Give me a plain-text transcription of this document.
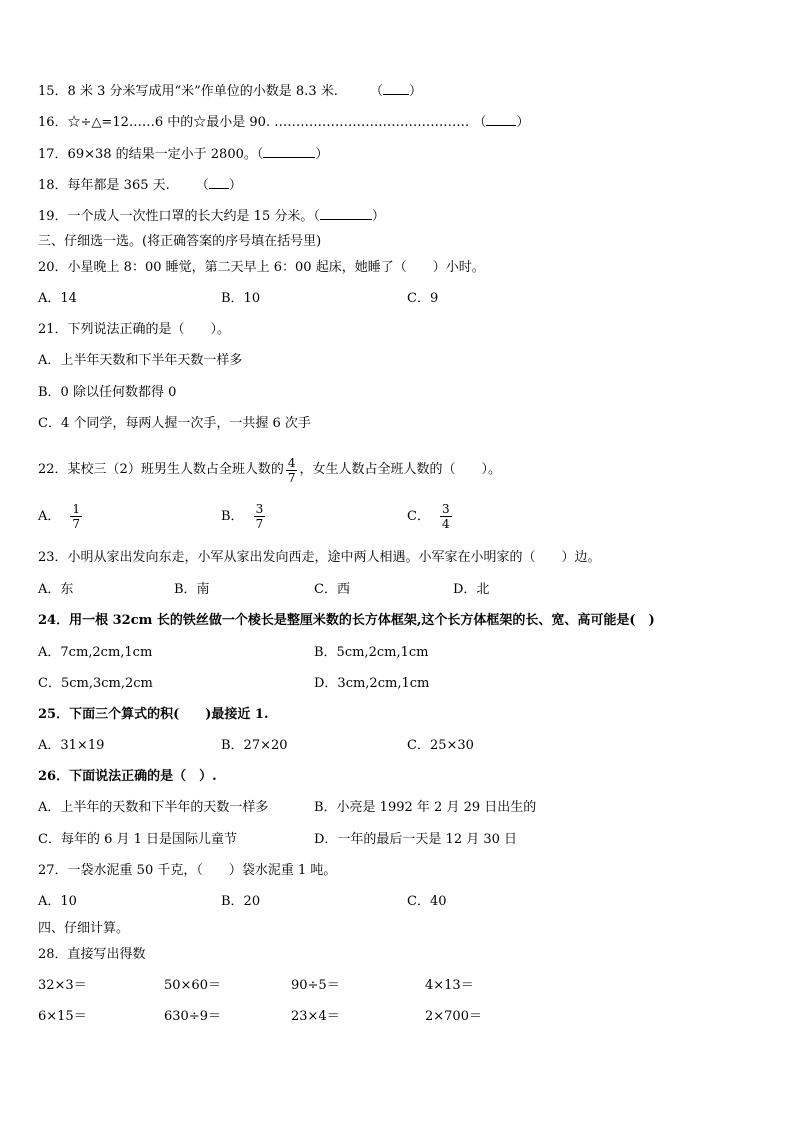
15．8 米 3 分米写成用“米”作单位的小数是 8.3 米. （ ）
16．☆÷△=12……6 中的☆最小是 90. ……………………………………… （ ）
17．69×38 的结果一定小于 2800。（	）
18．每年都是 365 天. （ ）
19．一个成人一次性口罩的长大约是 15 分米。（	）
三、仔细选一选。(将正确答案的序号填在括号里)
20．小星晚上 8：00 睡觉，第二天早上 6：00 起床，她睡了（　　）小时。
A．14	B．10	C．9
21．下列说法正确的是（　　）。
A．上半年天数和下半年天数一样多
B．0 除以任何数都得 0
C．4 个同学，每两人握一次手，一共握 6 次手
22．某校三（2）班男生人数占全班人数的 $\frac{4}{7}$ ，女生人数占全班人数的（　　）。
A． $\frac{1}{7}$	B． $\frac{3}{7}$	C． $\frac{3}{4}$
23．小明从家出发向东走，小军从家出发向西走，途中两人相遇。小军家在小明家的（　　）边。
A．东	B．南	C．西	D．北
24．用一根 32cm 长的铁丝做一个棱长是整厘米数的长方体框架,这个长方体框架的长、宽、高可能是(　)
A．7cm,2cm,1cm	B．5cm,2cm,1cm
C．5cm,3cm,2cm	D．3cm,2cm,1cm
25．下面三个算式的积(　　)最接近 1.
A．31×19	B．27×20	C．25×30
26．下面说法正确的是（　）.
A．上半年的天数和下半年的天数一样多	B．小亮是 1992 年 2 月 29 日出生的
C．每年的 6 月 1 日是国际儿童节	D．一年的最后一天是 12 月 30 日
27．一袋水泥重 50 千克，（　　）袋水泥重 1 吨。
A．10	B．20	C．40
四、仔细计算。
28．直接写出得数
32×3＝	50×60＝	90÷5＝	4×13＝
6×15＝	630÷9＝	23×4＝	2×700＝
